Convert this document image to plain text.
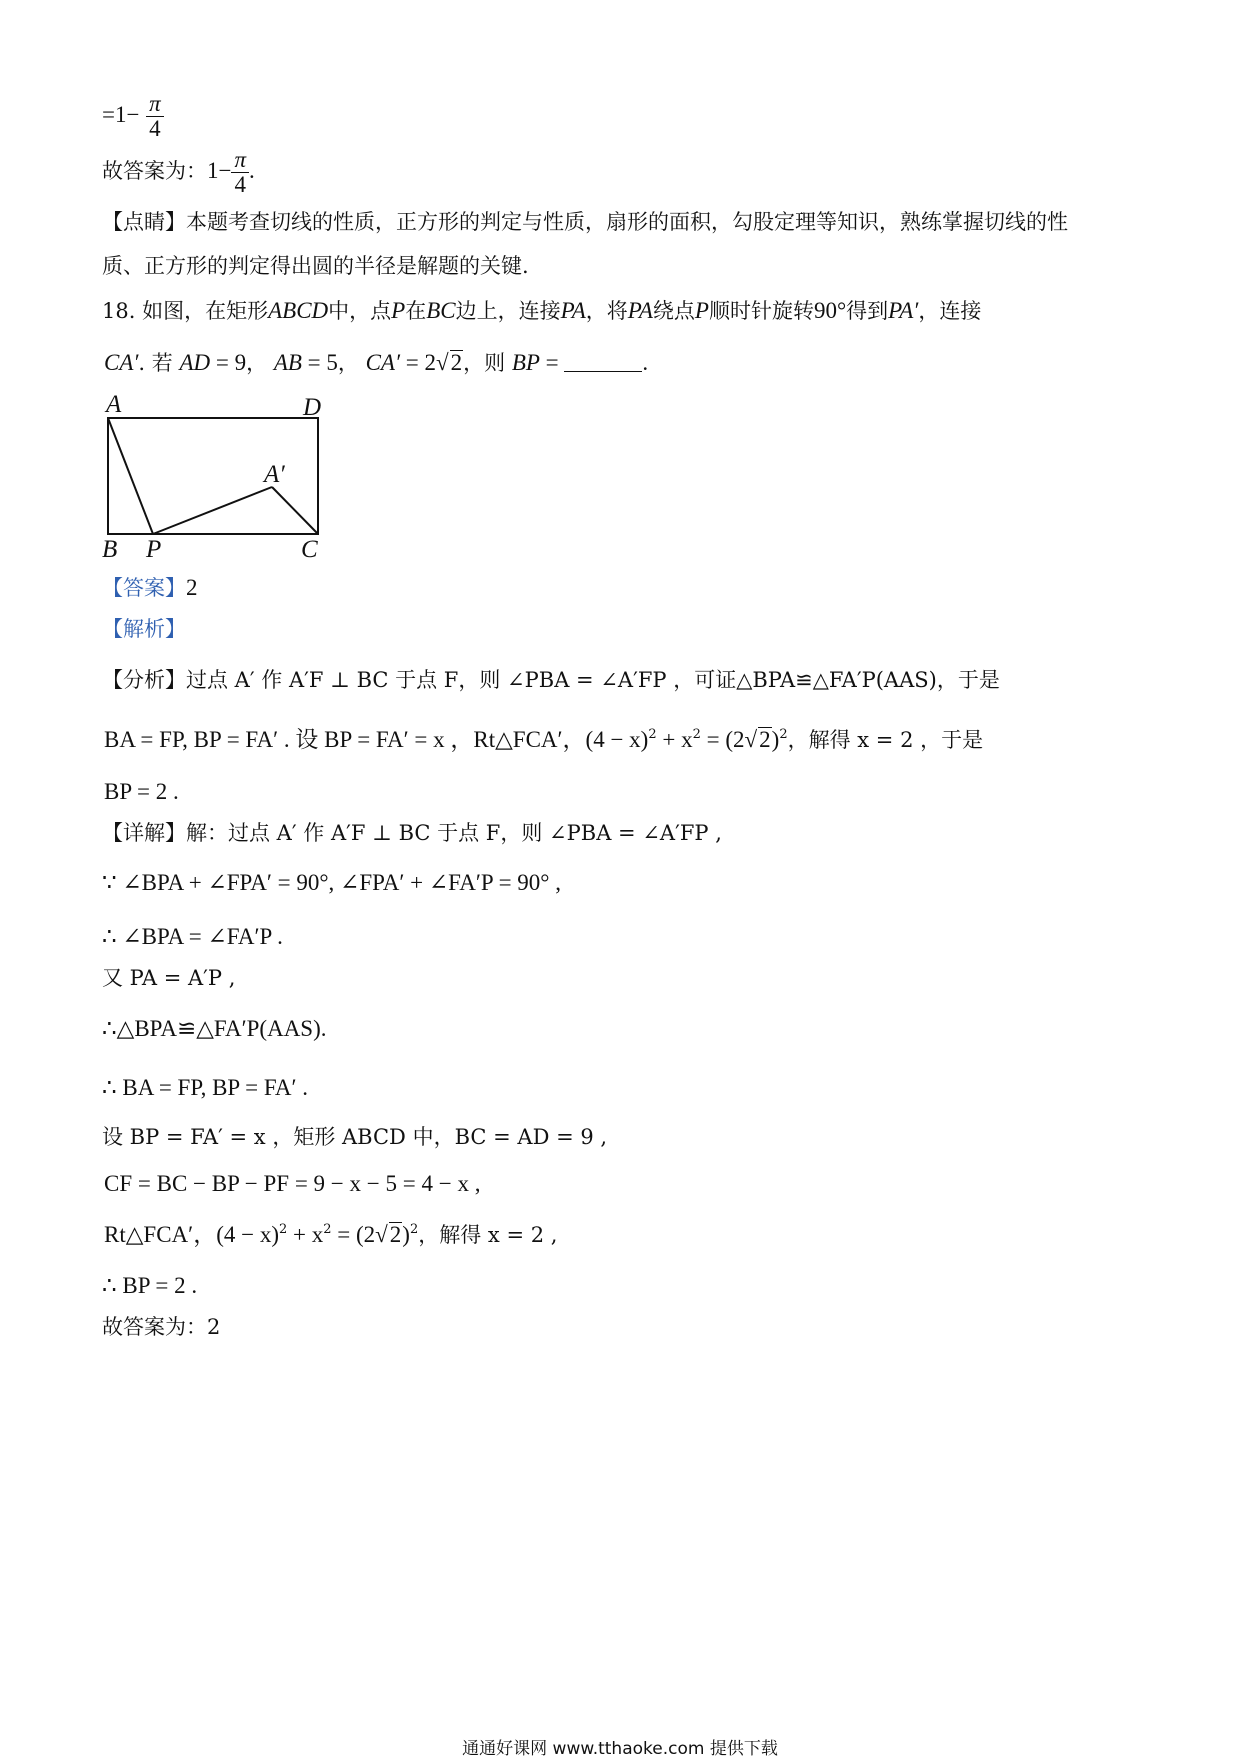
$=1- \frac{\pi}{4}$
故答案为：$1- \frac{\pi}{4}$ .
【点睛】本题考查切线的性质，正方形的判定与性质，扇形的面积，勾股定理等知识，熟练掌握切线的性
质、正方形的判定得出圆的半径是解题的关键.
18. 如图，在矩形ABCD中，点P在BC边上，连接PA，将PA绕点P顺时针旋转90°得到PA′，连接
CA′. 若 AD = 9， AB = 5， CA′ = 2√2，则 BP =	.
A	D
A′
B P	C
【答案】2
【解析】
【分析】过点 A′ 作 A′F ⊥ BC 于点 F，则 ∠PBA = ∠A′FP ，可证△BPA≌△FA′P(AAS)，于是
BA = FP, BP = FA′ . 设 BP = FA′ = x ，Rt△FCA′，$(4 - x)^2 + x^2 = (2√2)^2$，解得 x = 2 ，于是
BP = 2 .
【详解】解：过点 A′ 作 A′F ⊥ BC 于点 F，则 ∠PBA = ∠A′FP ,
∵ ∠BPA + ∠FPA′ = 90°, ∠FPA′ + ∠FA′P = 90° ,
∴ ∠BPA = ∠FA′P .
又 PA = A′P ,
∴△BPA≌△FA′P(AAS).
∴ BA = FP, BP = FA′ .
设 BP = FA′ = x ，矩形 ABCD 中，BC = AD = 9 ,
CF = BC − BP − PF = 9 − x − 5 = 4 − x ,
Rt△FCA′，$(4 - x)^2 + x^2 = (2√2)^2$，解得 x = 2 ,
∴ BP = 2 .
故答案为：2
通通好课网 www.tthaoke.com 提供下载
